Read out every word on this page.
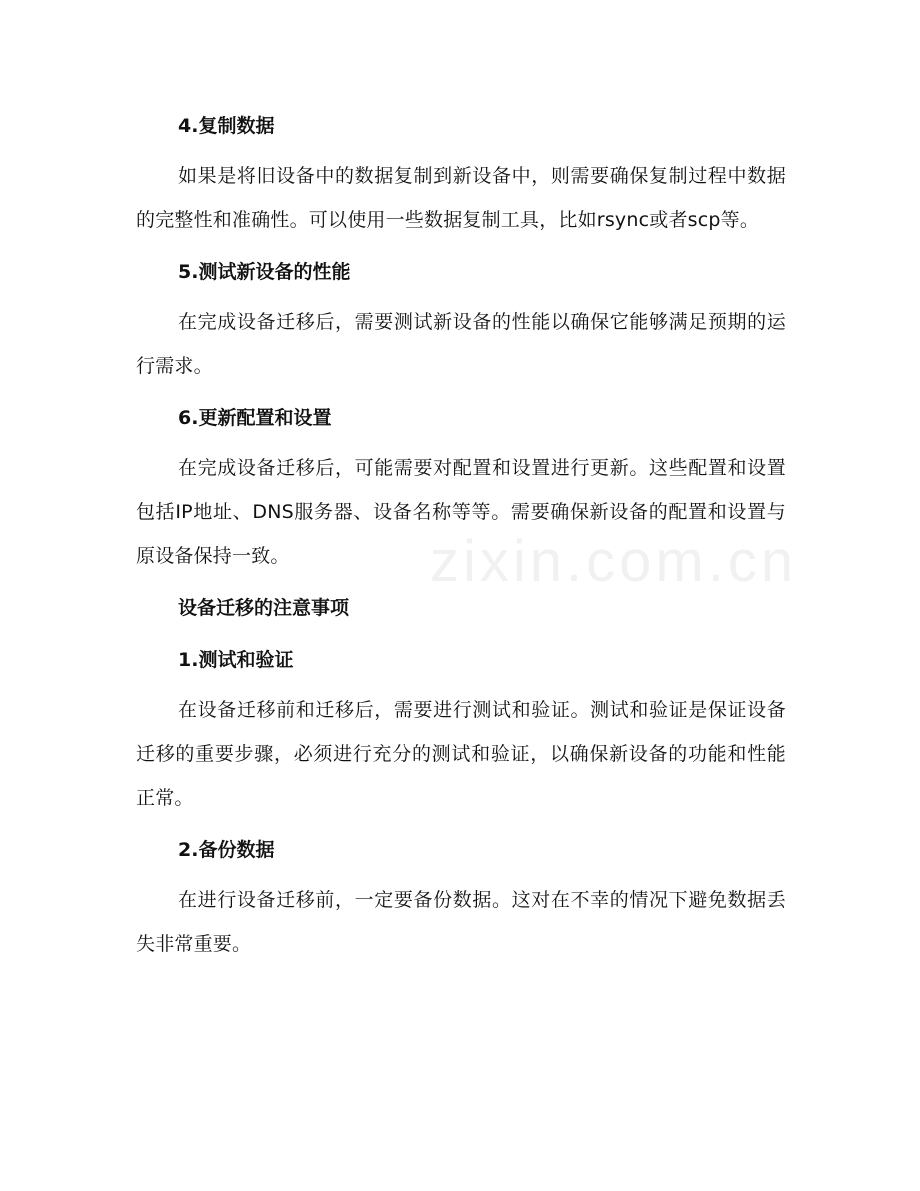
4.复制数据

如果是将旧设备中的数据复制到新设备中，则需要确保复制过程中数据的完整性和准确性。可以使用一些数据复制工具，比如rsync或者scp等。

5.测试新设备的性能

在完成设备迁移后，需要测试新设备的性能以确保它能够满足预期的运行需求。

6.更新配置和设置

在完成设备迁移后，可能需要对配置和设置进行更新。这些配置和设置包括IP地址、DNS服务器、设备名称等等。需要确保新设备的配置和设置与原设备保持一致。

设备迁移的注意事项
1.测试和验证

在设备迁移前和迁移后，需要进行测试和验证。测试和验证是保证设备迁移的重要步骤，必须进行充分的测试和验证，以确保新设备的功能和性能正常。

2.备份数据

在进行设备迁移前，一定要备份数据。这对在不幸的情况下避免数据丢失非常重要。

zixin.com.cn
